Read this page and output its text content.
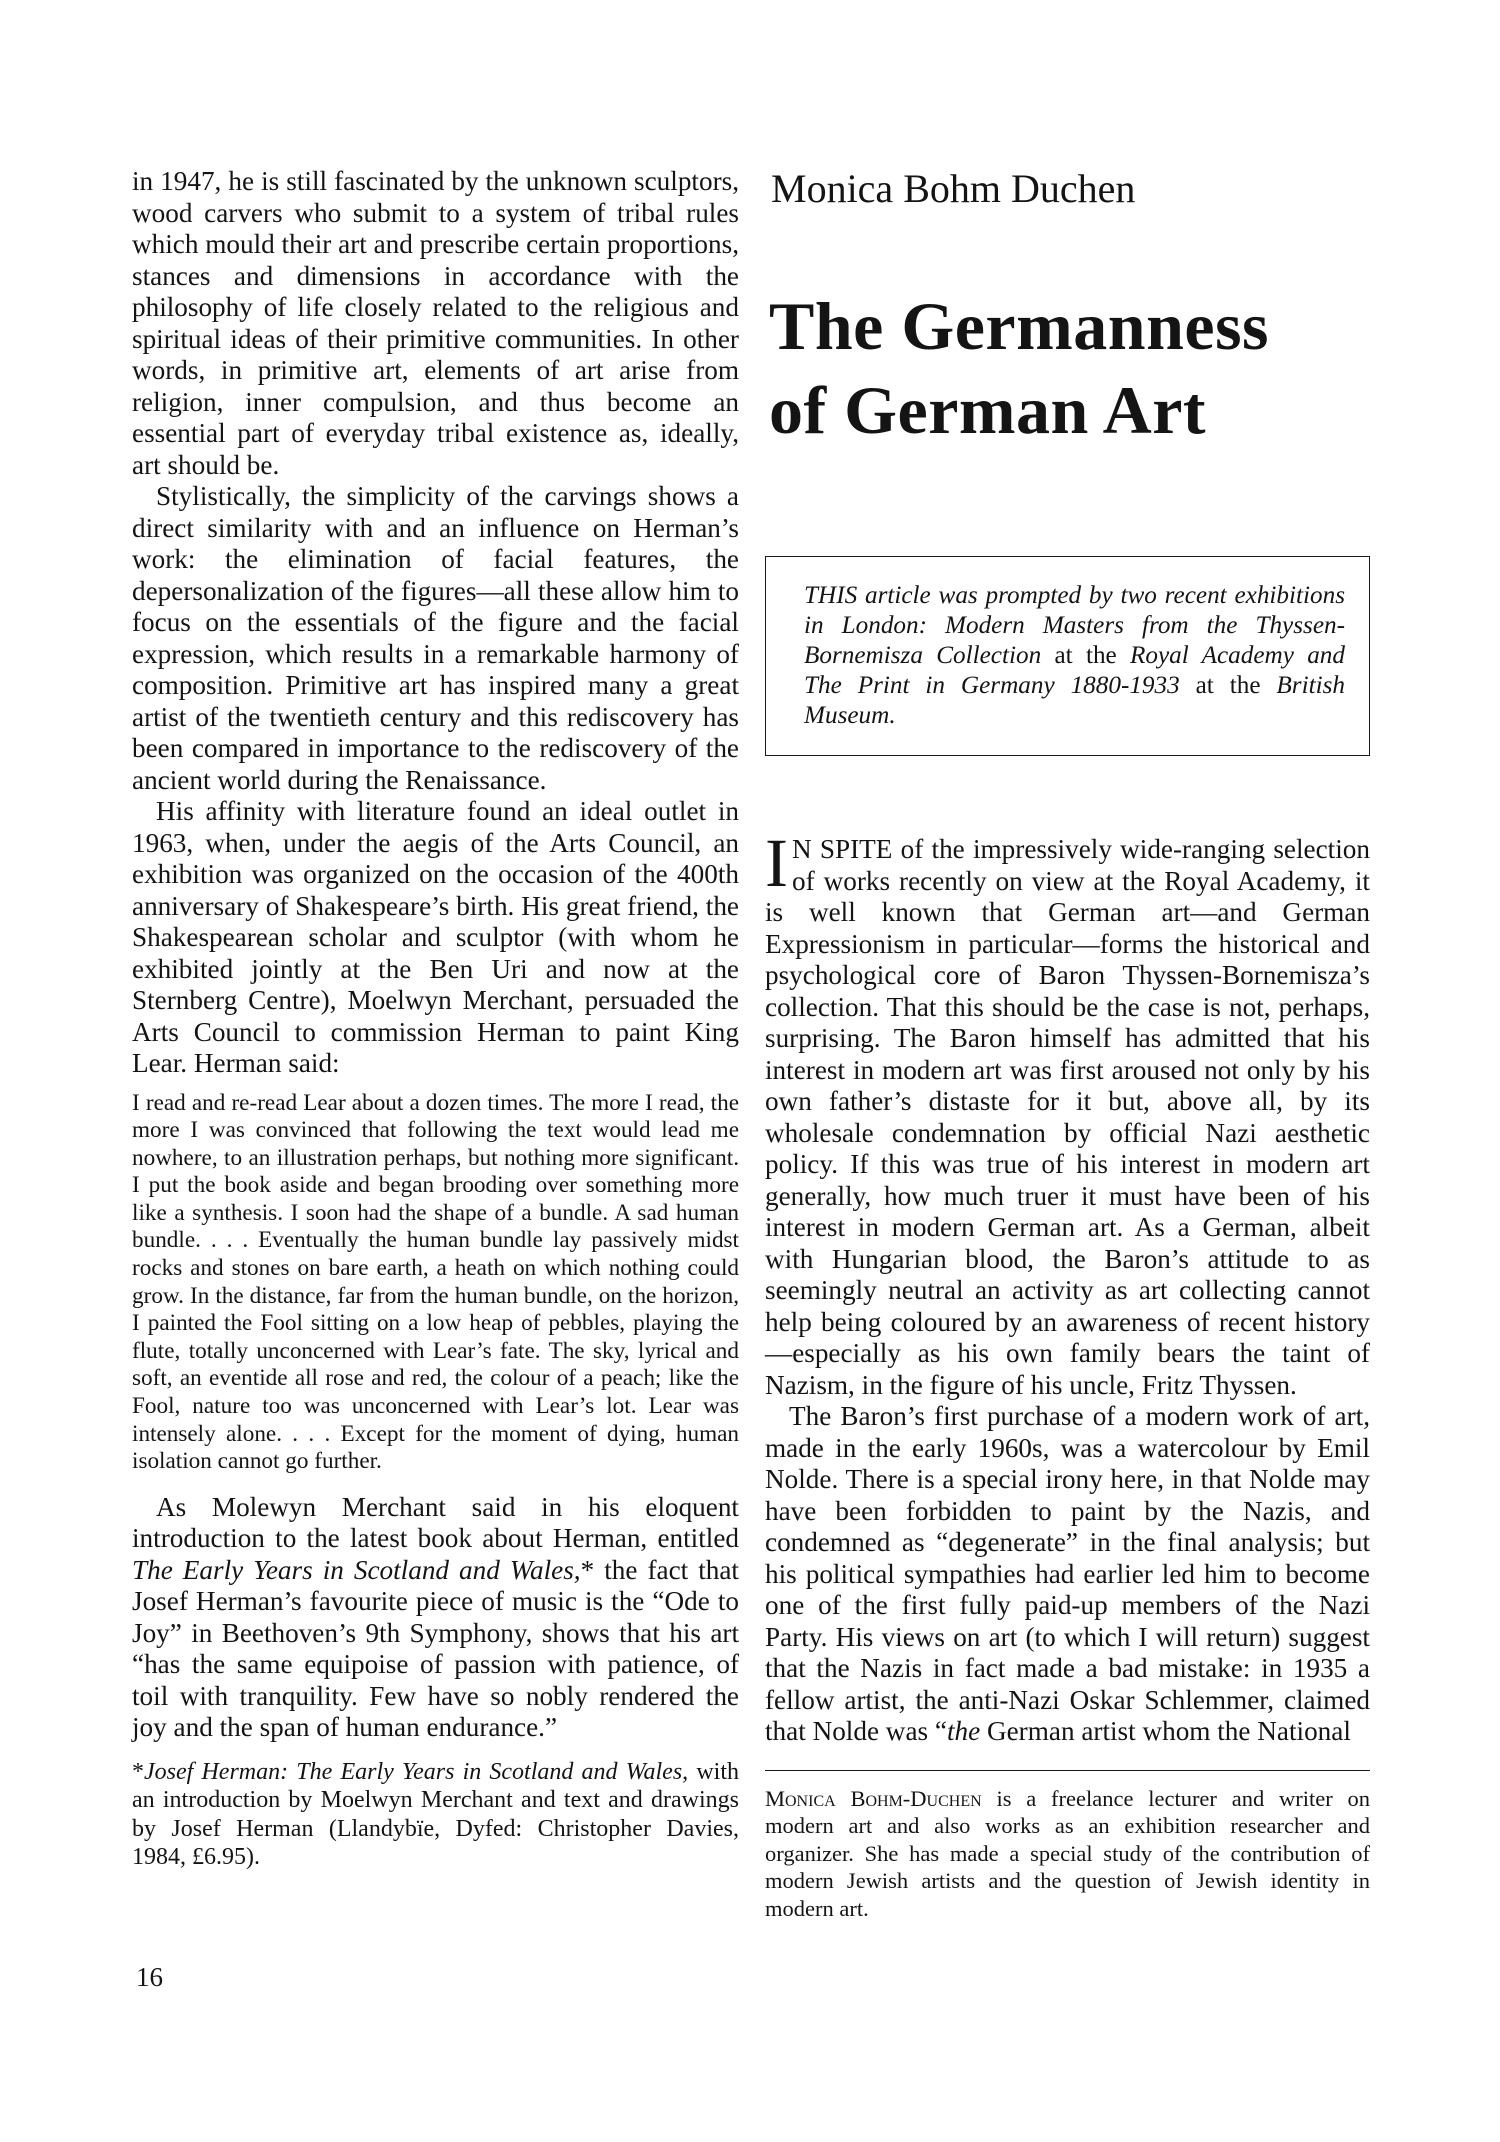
in 1947, he is still fascinated by the unknown sculptors, wood carvers who submit to a system of tribal rules which mould their art and prescribe certain proportions, stances and dimensions in accordance with the philosophy of life closely related to the religious and spiritual ideas of their primitive communities. In other words, in primitive art, elements of art arise from religion, inner compulsion, and thus become an essential part of everyday tribal existence as, ideally, art should be.

Stylistically, the simplicity of the carvings shows a direct similarity with and an influence on Herman’s work: the elimination of facial features, the depersonalization of the figures—all these allow him to focus on the essentials of the figure and the facial expression, which results in a remarkable harmony of composition. Primitive art has inspired many a great artist of the twentieth century and this rediscovery has been compared in importance to the rediscovery of the ancient world during the Renaissance.

His affinity with literature found an ideal outlet in 1963, when, under the aegis of the Arts Council, an exhibition was organized on the occasion of the 400th anniversary of Shakespeare’s birth. His great friend, the Shakespearean scholar and sculptor (with whom he exhibited jointly at the Ben Uri and now at the Sternberg Centre), Moelwyn Merchant, persuaded the Arts Council to commission Herman to paint King Lear. Herman said:

I read and re-read Lear about a dozen times. The more I read, the more I was convinced that following the text would lead me nowhere, to an illustration perhaps, but nothing more significant. I put the book aside and began brooding over something more like a synthesis. I soon had the shape of a bundle. A sad human bundle. . . . Eventually the human bundle lay passively midst rocks and stones on bare earth, a heath on which nothing could grow. In the distance, far from the human bundle, on the horizon, I painted the Fool sitting on a low heap of pebbles, playing the flute, totally unconcerned with Lear’s fate. The sky, lyrical and soft, an eventide all rose and red, the colour of a peach; like the Fool, nature too was unconcerned with Lear’s lot. Lear was intensely alone. . . . Except for the moment of dying, human isolation cannot go further.

As Molewyn Merchant said in his eloquent introduction to the latest book about Herman, entitled The Early Years in Scotland and Wales,* the fact that Josef Herman’s favourite piece of music is the “Ode to Joy” in Beethoven’s 9th Symphony, shows that his art “has the same equipoise of passion with patience, of toil with tranquility. Few have so nobly rendered the joy and the span of human endurance.”

*Josef Herman: The Early Years in Scotland and Wales, with an introduction by Moelwyn Merchant and text and drawings by Josef Herman (Llandybïe, Dyfed: Christopher Davies, 1984, £6.95).

Monica Bohm Duchen
The Germanness
of German Art
THIS article was prompted by two recent exhibitions in London: Modern Masters from the Thyssen-Bornemisza Collection at the Royal Academy and The Print in Germany 1880-1933 at the British Museum.

I N SPITE of the impressively wide-ranging selection of works recently on view at the Royal Academy, it is well known that German art—and German Expressionism in particular—forms the historical and psychological core of Baron Thyssen-Bornemisza’s collection. That this should be the case is not, perhaps, surprising. The Baron himself has admitted that his interest in modern art was first aroused not only by his own father’s distaste for it but, above all, by its wholesale condemnation by official Nazi aesthetic policy. If this was true of his interest in modern art generally, how much truer it must have been of his interest in modern German art. As a German, albeit with Hungarian blood, the Baron’s attitude to as seemingly neutral an activity as art collecting cannot help being coloured by an awareness of recent history—especially as his own family bears the taint of Nazism, in the figure of his uncle, Fritz Thyssen.

The Baron’s first purchase of a modern work of art, made in the early 1960s, was a watercolour by Emil Nolde. There is a special irony here, in that Nolde may have been forbidden to paint by the Nazis, and condemned as “degenerate” in the final analysis; but his political sympathies had earlier led him to become one of the first fully paid-up members of the Nazi Party. His views on art (to which I will return) suggest that the Nazis in fact made a bad mistake: in 1935 a fellow artist, the anti-Nazi Oskar Schlemmer, claimed that Nolde was “the German artist whom the National

Monica Bohm-Duchen is a freelance lecturer and writer on modern art and also works as an exhibition researcher and organizer. She has made a special study of the contribution of modern Jewish artists and the question of Jewish identity in modern art.
16
